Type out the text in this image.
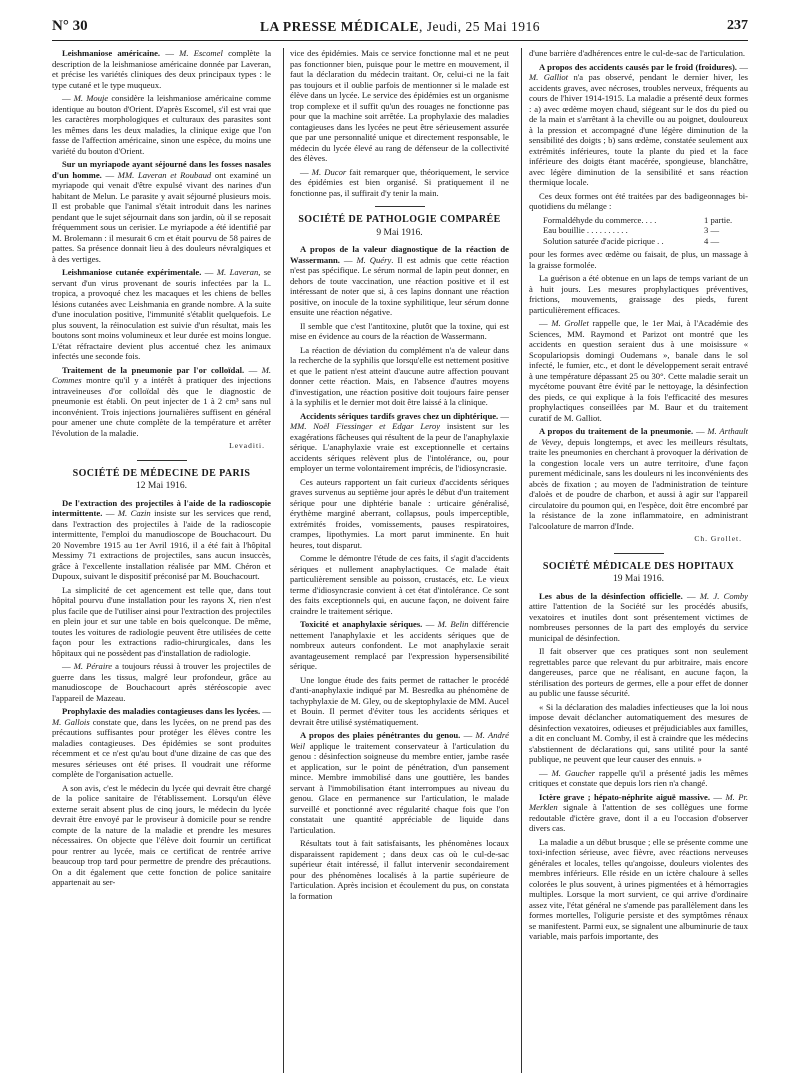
N° 30	LA PRESSE MÉDICALE, Jeudi, 25 Mai 1916	237

Leishmaniose américaine. — M. Escomel complète la description de la leishmaniose américaine donnée par Laveran, et précise les variétés cliniques des deux principaux types : le type cutané et le type muqueux.

— M. Mouje considère la leishmaniose américaine comme identique au bouton d'Orient. D'après Escomel, s'il est vrai que les caractères morphologiques et culturaux des parasites sont les mêmes dans les deux maladies, la clinique exige que l'on fasse de l'affection américaine, sinon une espèce, du moins une variété du bouton d'Orient.

Sur un myriapode ayant séjourné dans les fosses nasales d'un homme. — MM. Laveran et Roubaud ont examiné un myriapode qui venait d'être expulsé vivant des narines d'un habitant de Melun. Le parasite y avait séjourné plusieurs mois. Il est probable que l'animal s'était introduit dans les narines pendant que le sujet séjournait dans son jardin, où il se reposait fréquemment sous un cerisier. Le myriapode a été identifié par M. Brolemann : il mesurait 6 cm et était pourvu de 58 paires de pattes. Sa présence donnait lieu à des douleurs névralgiques et à des vertiges.

Leishmaniose cutanée expérimentale. — M. Laveran, se servant d'un virus provenant de souris infectées par la L. tropica, a provoqué chez les macaques et les chiens de belles lésions cutanées avec Leishmania en grande nombre. A la suite d'une inoculation positive, l'immunité s'établit quelquefois. Le plus souvent, la réinoculation est suivie d'un résultat, mais les boutons sont moins volumineux et leur durée est moins longue. L'état réfractaire devient plus accentué chez les animaux infectés une seconde fois.

Traitement de la pneumonie par l'or colloïdal. — M. Commes montre qu'il y a intérêt à pratiquer des injections intraveineuses d'or colloïdal dès que le diagnostic de pneumonie est établi. On peut injecter de 1 à 2 cm³ sans nul inconvénient. Trois injections journalières suffisent en général pour amener une chute complète de la température et arrêter l'évolution de la maladie.

Levaditi.
SOCIÉTÉ DE MÉDECINE DE PARIS
12 Mai 1916.

De l'extraction des projectiles à l'aide de la radioscopie intermittente. — M. Cazin insiste sur les services que rend, dans l'extraction des projectiles à l'aide de la radioscopie intermittente, l'emploi du manudioscope de Bouchacourt. Du 20 Novembre 1915 au 1er Avril 1916, il a été fait à l'hôpital Messimy 71 extractions de projectiles, sans aucun insuccès, grâce à l'excellente installation réalisée par MM. Chéron et Dupoux, suivant le dispositif préconisé par M. Bouchacourt.

La simplicité de cet agencement est telle que, dans tout hôpital pourvu d'une installation pour les rayons X, rien n'est plus facile que de l'utiliser ainsi pour l'extraction des projectiles en plein jour et sur une table en bois quelconque. De même, toutes les voitures de radiologie peuvent être utilisées de cette façon pour les extractions radio-chirurgicales, dans les hôpitaux qui ne possèdent pas d'installation de radiologie.

— M. Péraire a toujours réussi à trouver les projectiles de guerre dans les tissus, malgré leur profondeur, grâce au manudioscope de Bouchacourt après stéréoscopie avec l'appareil de Mazeau.

Prophylaxie des maladies contagieuses dans les lycées. — M. Gallois constate que, dans les lycées, on ne prend pas des précautions suffisantes pour protéger les élèves contre les maladies contagieuses. Des épidémies se sont produites récemment et ce n'est qu'au bout d'une dizaine de cas que des mesures sérieuses ont été prises. Il voudrait une réforme complète de l'organisation actuelle.

A son avis, c'est le médecin du lycée qui devrait être chargé de la police sanitaire de l'établissement. Lorsqu'un élève externe serait absent plus de cinq jours, le médecin du lycée devrait être envoyé par le proviseur à domicile pour se rendre compte de la nature de la maladie et prendre les mesures nécessaires. On objecte que l'élève doit fournir un certificat pour rentrer au lycée, mais ce certificat de rentrée arrive beaucoup trop tard pour permettre de prendre des précautions. On a dit également que cette fonction de police sanitaire appartenait au ser-

vice des épidémies. Mais ce service fonctionne mal et ne peut pas fonctionner bien, puisque pour le mettre en mouvement, il faut la déclaration du médecin traitant. Or, celui-ci ne la fait pas toujours et il oublie parfois de mentionner si le malade est élève dans un lycée. Le service des épidémies est un organisme trop complexe et il suffit qu'un des rouages ne fonctionne pas pour que la machine soit arrêtée. La prophylaxie des maladies contagieuses dans les lycées ne peut être sérieusement assurée que par une personnalité unique et directement responsable, le médecin du lycée élevé au rang de défenseur de la collectivité des élèves.

— M. Ducor fait remarquer que, théoriquement, le service des épidémies est bien organisé. Si pratiquement il ne fonctionne pas, il suffirait d'y tenir la main.

SOCIÉTÉ DE PATHOLOGIE COMPARÉE
9 Mai 1916.

A propos de la valeur diagnostique de la réaction de Wassermann. — M. Quéry. Il est admis que cette réaction n'est pas spécifique. Le sérum normal de lapin peut donner, en dehors de toute vaccination, une réaction positive et il est intéressant de noter que si, à ces lapins donnant une réaction positive, on inocule de la toxine syphilitique, leur sérum donne ensuite une réaction négative.

Il semble que c'est l'antitoxine, plutôt que la toxine, qui est mise en évidence au cours de la réaction de Wassermann.

La réaction de déviation du complément n'a de valeur dans la recherche de la syphilis que lorsqu'elle est nettement positive et que le patient n'est atteint d'aucune autre affection pouvant donner cette réaction. Mais, en l'absence d'autres moyens d'investigation, une réaction positive doit toujours faire penser à la syphilis et le dernier mot doit être laissé à la clinique.

Accidents sériques tardifs graves chez un diphtérique. — MM. Noël Fiessinger et Edgar Leroy insistent sur les exagérations fâcheuses qui résultent de la peur de l'anaphylaxie sérique. L'anaphylaxie vraie est exceptionnelle et certains accidents sériques relèvent plus de l'intolérance, ou, pour employer un terme volontairement imprécis, de l'idiosyncrasie.

Ces auteurs rapportent un fait curieux d'accidents sériques graves survenus au septième jour après le début d'un traitement sérique pour une diphtérie banale : urticaire généralisé, érythème marginé aberrant, collapsus, pouls imperceptible, extrémités froides, vomissements, pauses respiratoires, crampes, lipothymies. La mort parut imminente. En huit heures, tout disparut.

Comme le démontre l'étude de ces faits, il s'agit d'accidents sériques et nullement anaphylactiques. Ce malade était particulièrement sensible au poisson, crustacés, etc. Le vieux terme d'idiosyncrasie convient à cet état d'intolérance. Ce sont des faits exceptionnels qui, en aucune façon, ne doivent faire craindre le traitement sérique.

Toxicité et anaphylaxie sériques. — M. Belin différencie nettement l'anaphylaxie et les accidents sériques que de nombreux auteurs confondent. Le mot anaphylaxie serait avantageusement remplacé par l'expression hypersensibilité sérique.

Une longue étude des faits permet de rattacher le procédé d'anti-anaphylaxie indiqué par M. Besredka au phénomène de tachyphylaxie de M. Gley, ou de skeptophylaxie de MM. Aucel et Bouin. Il permet d'éviter tous les accidents sériques et devrait être utilisé systématiquement.

A propos des plaies pénétrantes du genou. — M. André Weil applique le traitement conservateur à l'articulation du genou : désinfection soigneuse du membre entier, jambe rasée et application, sur le point de pénétration, d'un pansement mince. Membre immobilisé dans une gouttière, les bandes servant à l'immobilisation étant interrompues au niveau du genou. Glace en permanence sur l'articulation, le malade surveillé et ponctionné avec régularité chaque fois que l'on constatait une quantité appréciable de liquide dans l'articulation.

Résultats tout à fait satisfaisants, les phénomènes locaux disparaissent rapidement ; dans deux cas où le cul-de-sac supérieur était intéressé, il fallut intervenir secondairement pour des phénomènes localisés à la partie supérieure de l'articulation. Après incision et écoulement du pus, on constata la formation

d'une barrière d'adhérences entre le cul-de-sac de l'articulation.

A propos des accidents causés par le froid (froidures). — M. Galliot n'a pas observé, pendant le dernier hiver, les accidents graves, avec nécroses, troubles nerveux, fréquents au cours de l'hiver 1914-1915. La maladie a présenté deux formes : a) avec œdème moyen chaud, siégeant sur le dos du pied ou de la main et s'arrêtant à la cheville ou au poignet, douloureux à la pression et accompagné d'une légère diminution de la sensibilité des doigts ; b) sans œdème, constatée seulement aux extrémités inférieures, toute la plante du pied et la face inférieure des doigts étant macérée, spongieuse, blanchâtre, avec légère diminution de la sensibilité et sans réaction thermique locale.

Ces deux formes ont été traitées par des badigeonnages bi-quotidiens du mélange :

Formaldéhyde du commerce. . . .	1 partie.
Eau bouillie . . . . . . . . . .	3 —
Solution saturée d'acide picrique . .	4 —

pour les formes avec œdème ou faisait, de plus, un massage à la graisse formolée.

La guérison a été obtenue en un laps de temps variant de un à huit jours. Les mesures prophylactiques préventives, frictions, mouvements, graissage des pieds, furent particulièrement efficaces.

— M. Grollet rappelle que, le 1er Mai, à l'Académie des Sciences, MM. Raymond et Parizot ont montré que les accidents en question seraient dus à une moisissure « Scopulariopsis domingi Oudemans », banale dans le sol infecté, le fumier, etc., et dont le développement serait entravé à une température dépassant 25 ou 30°. Cette maladie serait un mycétome pouvant être évité par le nettoyage, la désinfection des pieds, ce qui explique à la fois l'efficacité des mesures prophylactiques conseillées par M. Baur et du traitement curatif de M. Galliot.

A propos du traitement de la pneumonie. — M. Arthault de Vevey, depuis longtemps, et avec les meilleurs résultats, traite les pneumonies en cherchant à provoquer la dérivation de la congestion locale vers un autre territoire, d'une façon purement médicinale, sans les douleurs ni les inconvénients des abcès de fixation ; au moyen de l'administration de teinture d'aloès et de poudre de charbon, et aussi à agir sur l'appareil circulatoire du poumon qui, en l'espèce, doit être encombré par la résistance de la zone inflammatoire, en administrant l'alcoolature de marron d'Inde.

Ch. Grollet.
SOCIÉTÉ MÉDICALE DES HOPITAUX
19 Mai 1916.

Les abus de la désinfection officielle. — M. J. Comby attire l'attention de la Société sur les procédés abusifs, vexatoires et inutiles dont sont présentement victimes de nombreuses personnes de la part des employés du service municipal de désinfection.

Il fait observer que ces pratiques sont non seulement regrettables parce que relevant du pur arbitraire, mais encore dangereuses, parce que ne réalisant, en aucune façon, la stérilisation des porteurs de germes, elle a pour effet de donner au public une fausse sécurité.

« Si la déclaration des maladies infectieuses que la loi nous impose devait déclancher automatiquement des mesures de désinfection vexatoires, odieuses et préjudiciables aux familles, a dit en concluant M. Comby, il est à craindre que les médecins s'abstiennent de déclarations qui, sans utilité pour la santé publique, ne peuvent que leur causer des ennuis. »

— M. Gaucher rappelle qu'il a présenté jadis les mêmes critiques et constate que depuis lors rien n'a changé.

Ictère grave ; hépato-néphrite aiguë massive. — M. Pr. Merklen signale à l'attention de ses collègues une forme redoutable d'ictère grave, dont il a eu l'occasion d'observer divers cas.

La maladie a un début brusque ; elle se présente comme une toxi-infection sérieuse, avec fièvre, avec réactions nerveuses générales et locales, telles qu'angoisse, douleurs violentes des membres inférieurs. Elle réside en un ictère chaloure à selles colorées le plus souvent, à urines pigmentées et à hémorragies multiples. Lorsque la mort survient, ce qui arrive d'ordinaire assez vite, l'état général ne s'amende pas parallèlement dans les formes mortelles, l'oligurie persiste et des symptômes rénaux se manifestent. Parmi eux, se signalent une albuminurie de taux variable, mais parfois importante, des
